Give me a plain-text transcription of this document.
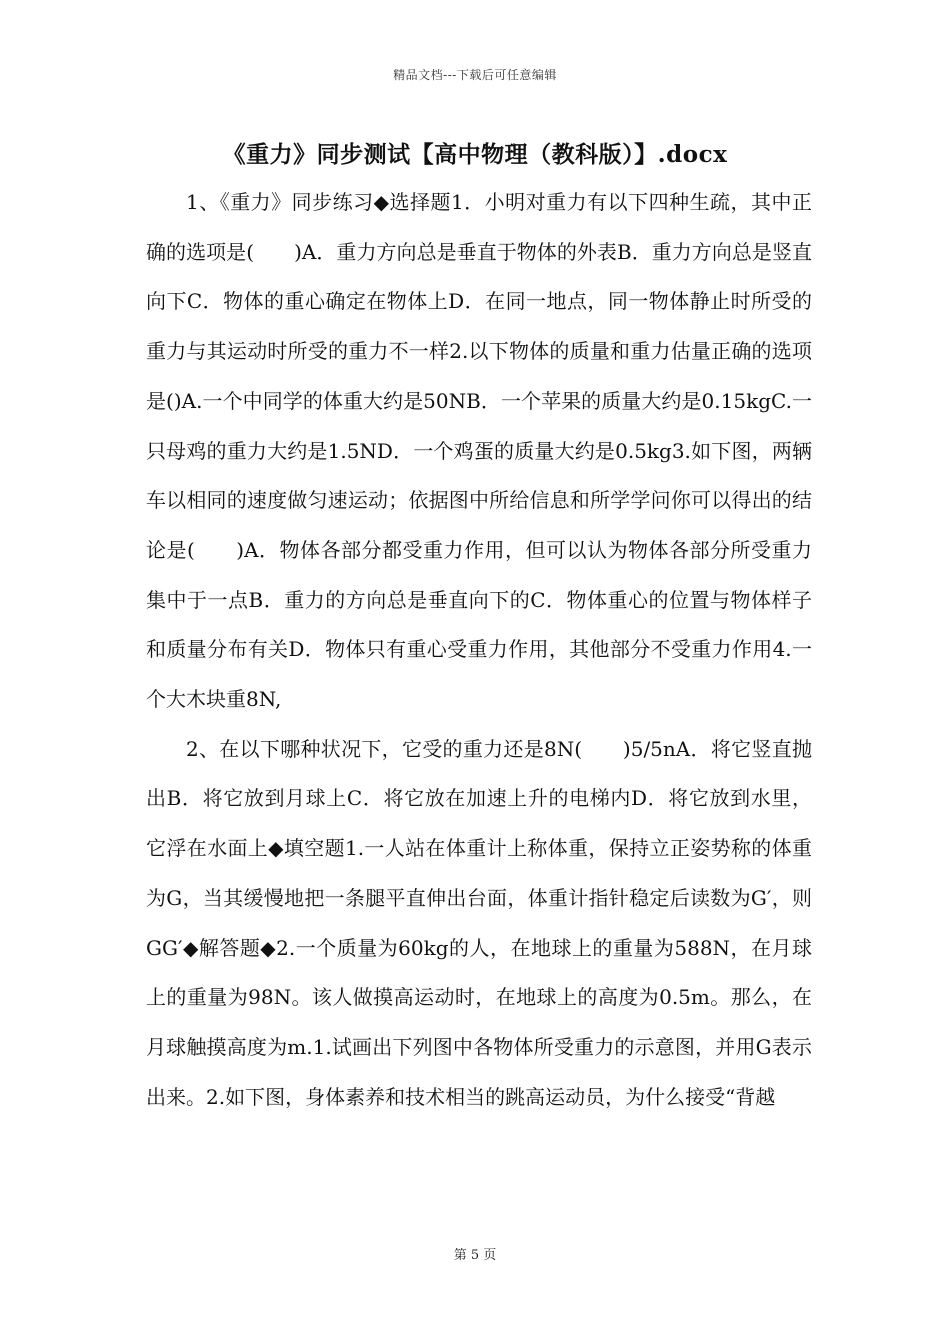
精品文档---下载后可任意编辑
《重力》同步测试【高中物理（教科版）】.docx

1、《重力》同步练习◆选择题1．小明对重力有以下四种生疏，其中正确的选项是(　　)A．重力方向总是垂直于物体的外表B．重力方向总是竖直向下C．物体的重心确定在物体上D．在同一地点，同一物体静止时所受的重力与其运动时所受的重力不一样2.以下物体的质量和重力估量正确的选项是()A.一个中同学的体重大约是50NB．一个苹果的质量大约是0.15kgC.一只母鸡的重力大约是1.5ND．一个鸡蛋的质量大约是0.5kg3.如下图，两辆车以相同的速度做匀速运动；依据图中所给信息和所学学问你可以得出的结论是(　　)A．物体各部分都受重力作用，但可以认为物体各部分所受重力集中于一点B．重力的方向总是垂直向下的C．物体重心的位置与物体样子和质量分布有关D．物体只有重心受重力作用，其他部分不受重力作用4.一个大木块重8N,

2、在以下哪种状况下，它受的重力还是8N(　　)5/5nA．将它竖直抛出B．将它放到月球上C．将它放在加速上升的电梯内D．将它放到水里，它浮在水面上◆填空题1.一人站在体重计上称体重，保持立正姿势称的体重为G，当其缓慢地把一条腿平直伸出台面，体重计指针稳定后读数为G′，则GG′◆解答题◆2.一个质量为60kg的人，在地球上的重量为588N，在月球上的重量为98N。该人做摸高运动时，在地球上的高度为0.5m。那么，在月球触摸高度为m.1.试画出下列图中各物体所受重力的示意图，并用G表示出来。2.如下图，身体素养和技术相当的跳高运动员，为什么接受“背越

第 5 页
